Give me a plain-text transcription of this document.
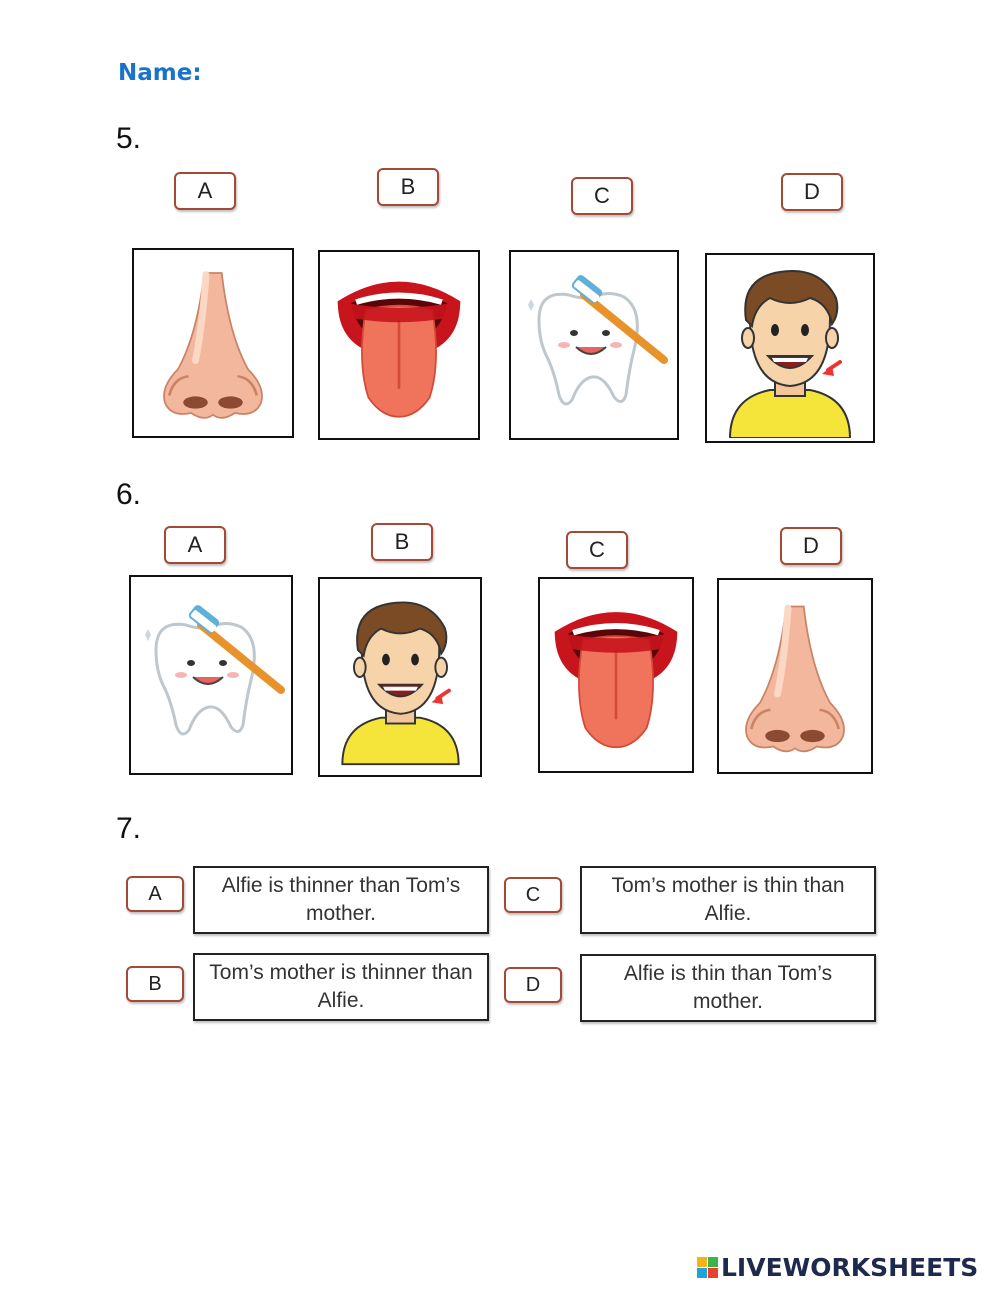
Name:
5.
A	B	C	D
6.
A	B	C	D
7.
A	Alfie is thinner than Tom’s mother.
B	Tom’s mother is thinner than Alfie.
C	Tom’s mother is thin than Alfie.
D	Alfie is thin than Tom’s mother.
LIVEWORKSHEETS
